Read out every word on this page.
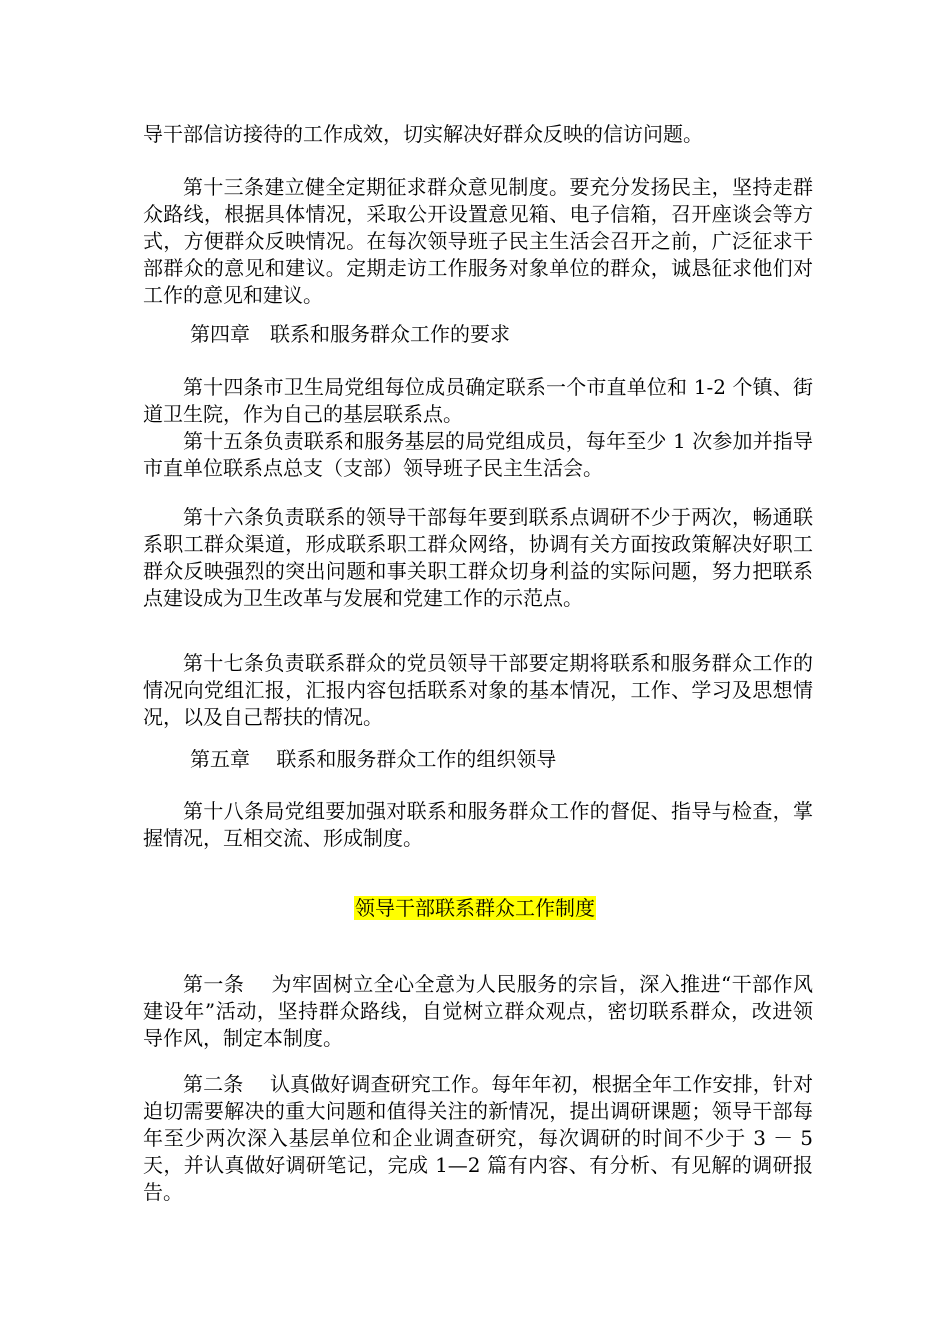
导干部信访接待的工作成效，切实解决好群众反映的信访问题。

第十三条建立健全定期征求群众意见制度。要充分发扬民主，坚持走群众路线，根据具体情况，采取公开设置意见箱、电子信箱，召开座谈会等方式，方便群众反映情况。在每次领导班子民主生活会召开之前，广泛征求干部群众的意见和建议。定期走访工作服务对象单位的群众，诚恳征求他们对工作的意见和建议。

第四章　联系和服务群众工作的要求

第十四条市卫生局党组每位成员确定联系一个市直单位和 1-2 个镇、街道卫生院，作为自己的基层联系点。

第十五条负责联系和服务基层的局党组成员，每年至少 1 次参加并指导市直单位联系点总支（支部）领导班子民主生活会。

第十六条负责联系的领导干部每年要到联系点调研不少于两次，畅通联系职工群众渠道，形成联系职工群众网络，协调有关方面按政策解决好职工群众反映强烈的突出问题和事关职工群众切身利益的实际问题，努力把联系点建设成为卫生改革与发展和党建工作的示范点。

第十七条负责联系群众的党员领导干部要定期将联系和服务群众工作的情况向党组汇报，汇报内容包括联系对象的基本情况，工作、学习及思想情况，以及自己帮扶的情况。

第五章　 联系和服务群众工作的组织领导

第十八条局党组要加强对联系和服务群众工作的督促、指导与检查，掌握情况，互相交流、形成制度。

领导干部联系群众工作制度

第一条　 为牢固树立全心全意为人民服务的宗旨，深入推进“干部作风建设年”活动，坚持群众路线，自觉树立群众观点，密切联系群众，改进领导作风，制定本制度。

第二条　 认真做好调查研究工作。每年年初，根据全年工作安排，针对迫切需要解决的重大问题和值得关注的新情况，提出调研课题；领导干部每年至少两次深入基层单位和企业调查研究，每次调研的时间不少于 3 － 5 天，并认真做好调研笔记，完成 1—2 篇有内容、有分析、有见解的调研报告。
